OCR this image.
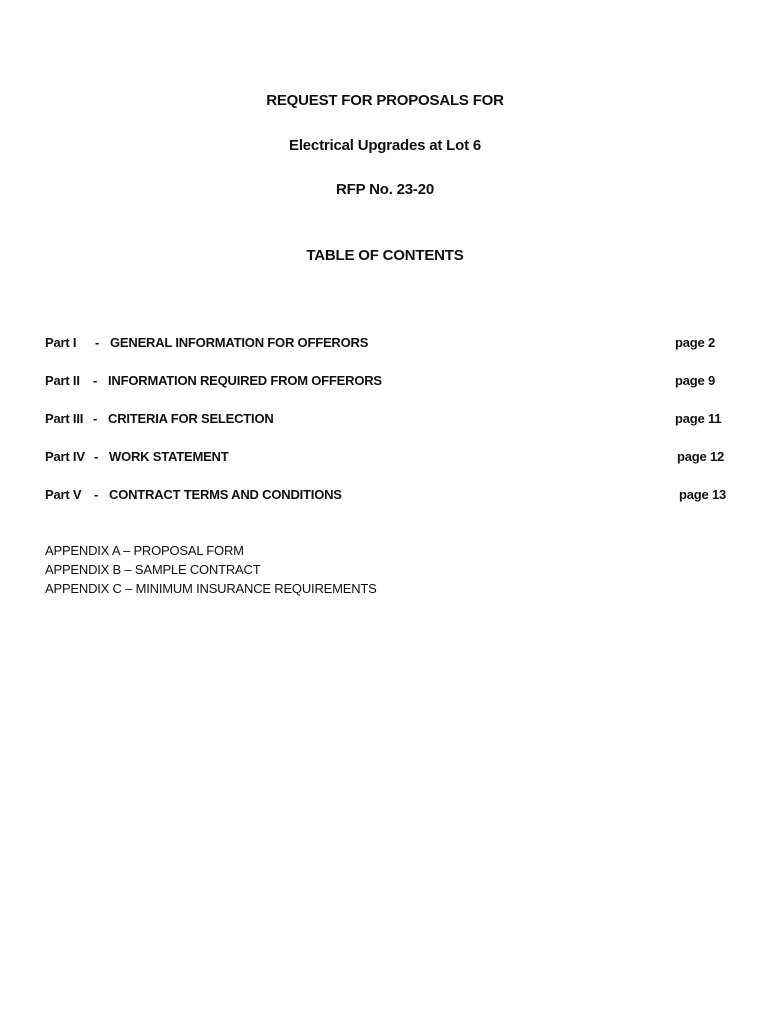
REQUEST FOR PROPOSALS FOR
Electrical Upgrades at Lot 6
RFP No. 23-20
TABLE OF CONTENTS
Part I - GENERAL INFORMATION FOR OFFERORS	page 2
Part II - INFORMATION REQUIRED FROM OFFERORS	page 9
Part III - CRITERIA FOR SELECTION	page 11
Part IV - WORK STATEMENT	page 12
Part V - CONTRACT TERMS AND CONDITIONS	page 13
APPENDIX A – PROPOSAL FORM
APPENDIX B – SAMPLE CONTRACT
APPENDIX C – MINIMUM INSURANCE REQUIREMENTS
